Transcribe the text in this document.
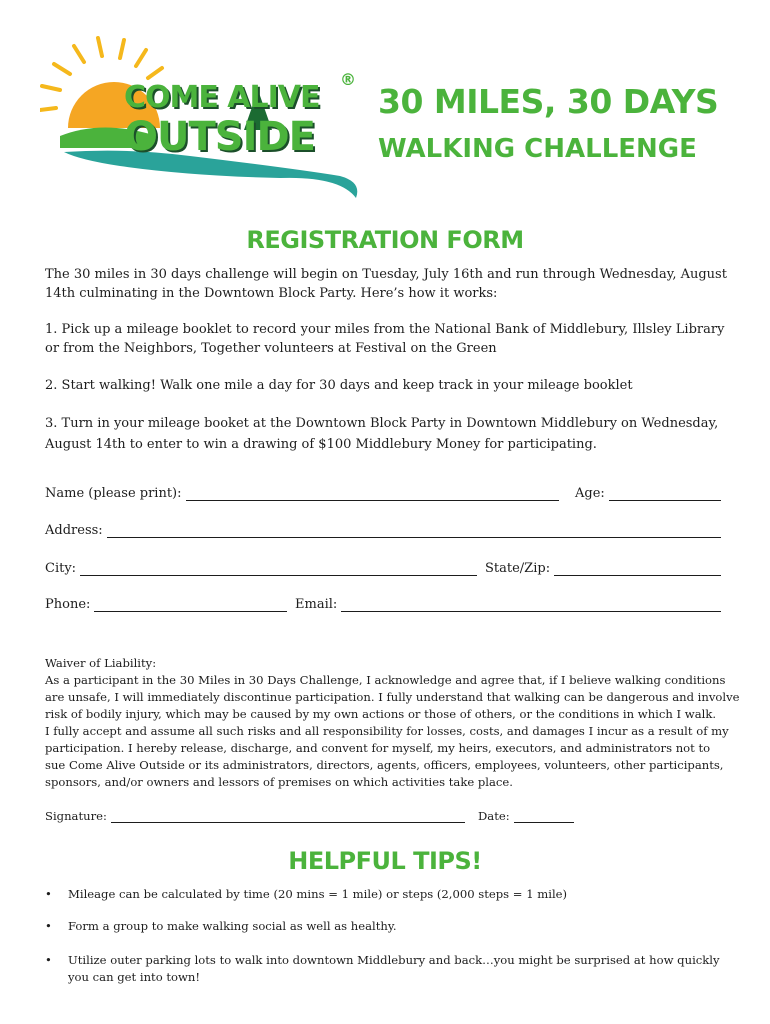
COME ALIVE
OUTSIDE
®
30 MILES, 30 DAYS
WALKING CHALLENGE
REGISTRATION FORM
The 30 miles in 30 days challenge will begin on Tuesday, July 16th and run through Wednesday, August 14th culminating in the Downtown Block Party. Here’s how it works:
1. Pick up a mileage booklet to record your miles from the National Bank of Middlebury, Illsley Library or from the Neighbors, Together volunteers at Festival on the Green
2. Start walking! Walk one mile a day for 30 days and keep track in your mileage booklet
3. Turn in your mileage booket at the Downtown Block Party in Downtown Middlebury on Wednesday, August 14th to enter to win a drawing of $100 Middlebury Money for participating.
Name (please print):	Age:
Address:
City:	State/Zip:
Phone:	Email:
Waiver of Liability:
As a participant in the 30 Miles in 30 Days Challenge, I acknowledge and agree that, if I believe walking conditions
are unsafe, I will immediately discontinue participation. I fully understand that walking can be dangerous and involve
risk of bodily injury, which may be caused by my own actions or those of others, or the conditions in which I walk.
I fully accept and assume all such risks and all responsibility for losses, costs, and damages I incur as a result of my
participation. I hereby release, discharge, and convent for myself, my heirs, executors, and administrators not to
sue Come Alive Outside or its administrators, directors, agents, officers, employees, volunteers, other participants,
sponsors, and/or owners and lessors of premises on which activities take place.
Signature:	Date:
HELPFUL TIPS!
• Mileage can be calculated by time (20 mins = 1 mile) or steps (2,000 steps = 1 mile)
• Form a group to make walking social as well as healthy.
• Utilize outer parking lots to walk into downtown Middlebury and back…you might be surprised at how quickly you can get into town!
